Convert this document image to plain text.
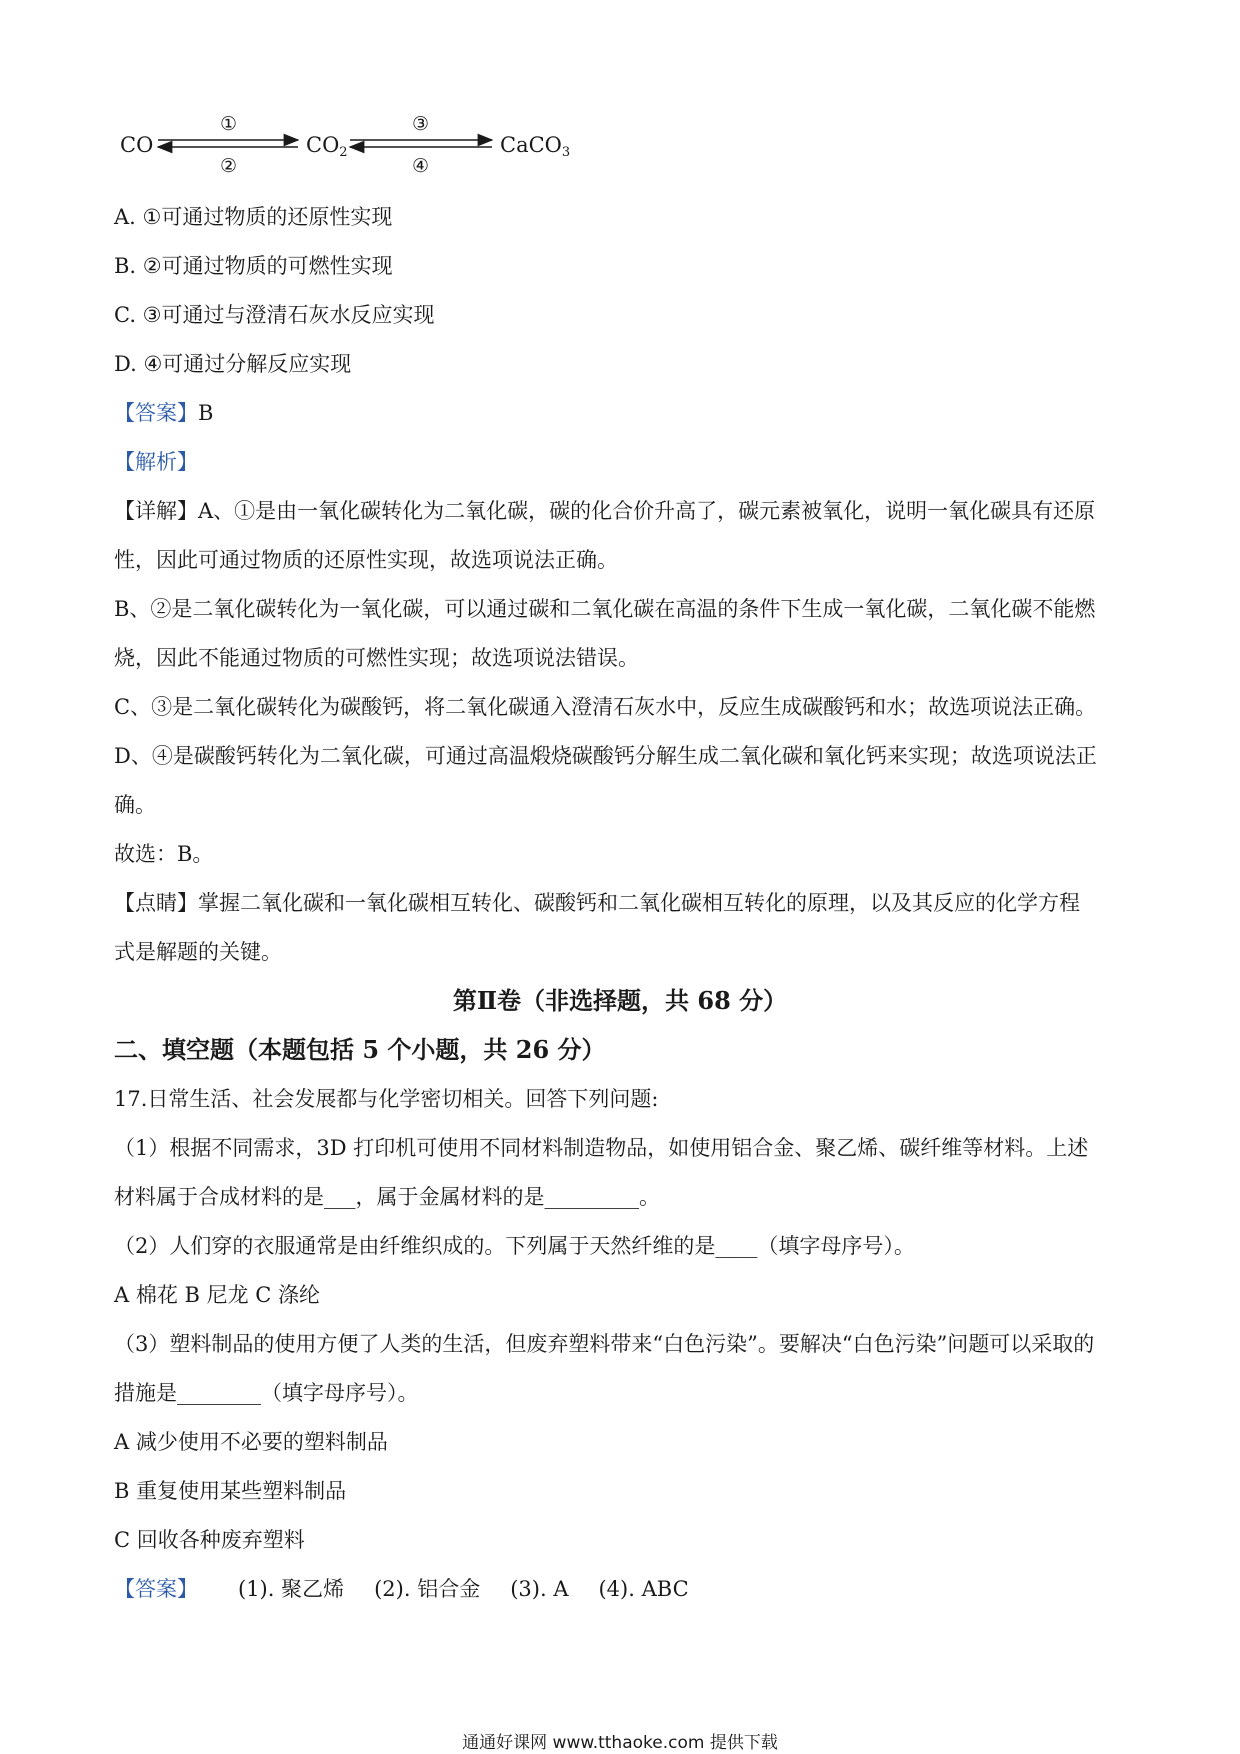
CO	CO2	CaCO3
①
②
③
④
A. ①可通过物质的还原性实现
B. ②可通过物质的可燃性实现
C. ③可通过与澄清石灰水反应实现
D. ④可通过分解反应实现
【答案】B
【解析】
【详解】A、①是由一氧化碳转化为二氧化碳，碳的化合价升高了，碳元素被氧化，说明一氧化碳具有还原
性，因此可通过物质的还原性实现，故选项说法正确。
B、②是二氧化碳转化为一氧化碳，可以通过碳和二氧化碳在高温的条件下生成一氧化碳，二氧化碳不能燃
烧，因此不能通过物质的可燃性实现；故选项说法错误。
C、③是二氧化碳转化为碳酸钙，将二氧化碳通入澄清石灰水中，反应生成碳酸钙和水；故选项说法正确。
D、④是碳酸钙转化为二氧化碳，可通过高温煅烧碳酸钙分解生成二氧化碳和氧化钙来实现；故选项说法正
确。
故选：B。
【点睛】掌握二氧化碳和一氧化碳相互转化、碳酸钙和二氧化碳相互转化的原理，以及其反应的化学方程
式是解题的关键。
第Ⅱ卷（非选择题，共 68 分）
二、填空题（本题包括 5 个小题，共 26 分）
17.日常生活、社会发展都与化学密切相关。回答下列问题:
（1）根据不同需求，3D 打印机可使用不同材料制造物品，如使用铝合金、聚乙烯、碳纤维等材料。上述
材料属于合成材料的是___，属于金属材料的是_________。
（2）人们穿的衣服通常是由纤维织成的。下列属于天然纤维的是____（填字母序号）。
A 棉花 B 尼龙 C 涤纶
（3）塑料制品的使用方便了人类的生活，但废弃塑料带来“白色污染”。要解决“白色污染”问题可以采取的
措施是________（填字母序号）。
A 减少使用不必要的塑料制品
B 重复使用某些塑料制品
C 回收各种废弃塑料
【答案】 (1). 聚乙烯 (2). 铝合金 (3). A (4). ABC
通通好课网 www.tthaoke.com 提供下载
